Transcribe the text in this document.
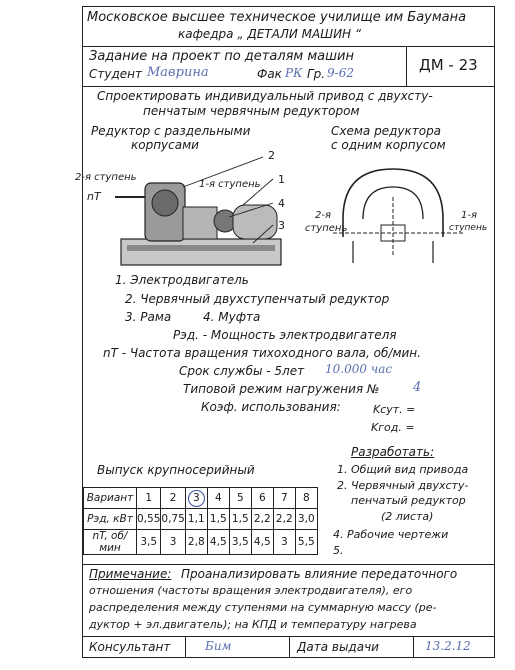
Московское высшее техническое училище им Баумана
кафедра „ ДЕТАЛИ МАШИН “
Задание на проект по деталям машин
Студент Маврина	Фак РК Гр. 9-62	ДМ - 23
Спроектировать индивидуальный привод с двухсту-
пенчатым червячным редуктором
Редуктор с раздельными
корпусами
Схема редуктора
с одним корпусом
2-я ступень
nT
1-я ступень
2
1
4
3
2-я
ступень
1-я
ступень
1. Электродвигатель
2. Червячный двухступенчатый редуктор
3. Рама	4. Муфта
Рэд. - Мощность электродвигателя
nT - Частота вращения тихоходного вала, об/мин.
Срок службы - 5лет 10.000 час
Типовой режим нагружения №	4
Коэф. использования:	Kсут. =
Kгод. =
Разработать:
1. Общий вид привода
2. Червячный двухсту-
пенчатый редуктор
(2 листа)
4. Рабочие чертежи
5.
Выпуск крупносерийный
Вариант	1	2	3	4	5	6	7	8
Рэд, кВт	0,55	0,75	1,1	1,5	1,5	2,2	2,2	3,0
nT, об/мин	3,5	3	2,8	4,5	3,5	4,5	3	5,5
Примечание: Проанализировать влияние передаточного
отношения (частоты вращения электродвигателя), его
распределения между ступенями на суммарную массу (ре-
дуктор + эл.двигатель); на КПД и температуру нагрева
Консультант	Бим	Дата выдачи	13.2.12
